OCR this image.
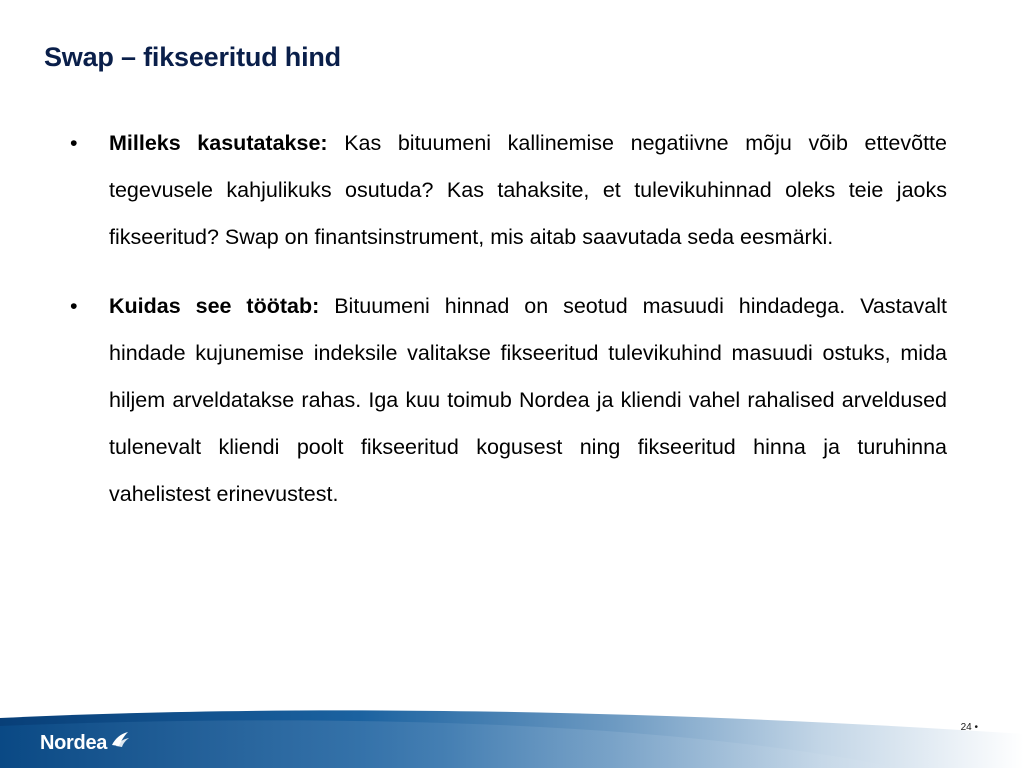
Swap – fikseeritud hind
•	Milleks kasutatakse: Kas bituumeni kallinemise negatiivne mõju võib ettevõtte tegevusele kahjulikuks osutuda? Kas tahaksite, et tulevikuhinnad oleks teie jaoks fikseeritud? Swap on finantsinstrument, mis aitab saavutada seda eesmärki.
•	Kuidas see töötab: Bituumeni hinnad on seotud masuudi hindadega. Vastavalt hindade kujunemise indeksile valitakse fikseeritud tulevikuhind masuudi ostuks, mida hiljem arveldatakse rahas. Iga kuu toimub Nordea ja kliendi vahel rahalised arveldused tulenevalt kliendi poolt fikseeritud kogusest ning fikseeritud hinna ja turuhinna vahelistest erinevustest.
Nordea
24 •
